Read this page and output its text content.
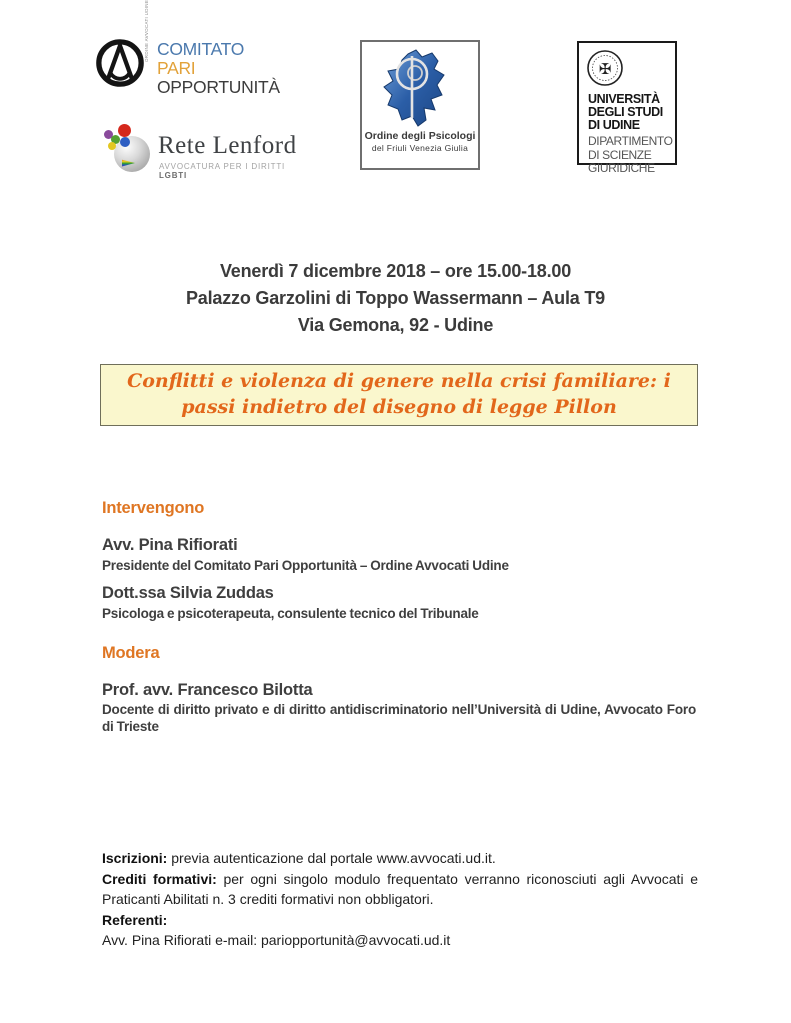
ORDINE AVVOCATI UDINE COMITATO
PARI
OPPORTUNITÀ
Rete Lenford
AVVOCATURA PER I DIRITTI LGBTI
Ordine degli Psicologi
del Friuli Venezia Giulia
✠
UNIVERSITÀ
DEGLI STUDI
DI UDINE
DIPARTIMENTO
DI SCIENZE
GIURIDICHE
Venerdì 7 dicembre 2018 – ore 15.00-18.00
Palazzo Garzolini di Toppo Wassermann – Aula T9
Via Gemona, 92 - Udine
Conflitti e violenza di genere nella crisi familiare: i passi indietro del disegno di legge Pillon
Intervengono
Avv. Pina Rifiorati
Presidente del Comitato Pari Opportunità – Ordine Avvocati Udine
Dott.ssa Silvia Zuddas
Psicologa e psicoterapeuta, consulente tecnico del Tribunale
Modera
Prof. avv. Francesco Bilotta
Docente di diritto privato e di diritto antidiscriminatorio nell’Università di Udine, Avvocato Foro di Trieste

Iscrizioni: previa autenticazione dal portale www.avvocati.ud.it.

Crediti formativi: per ogni singolo modulo frequentato verranno riconosciuti agli Avvocati e Praticanti Abilitati n. 3 crediti formativi non obbligatori.

Referenti:

Avv. Pina Rifiorati e-mail: pariopportunità@avvocati.ud.it
